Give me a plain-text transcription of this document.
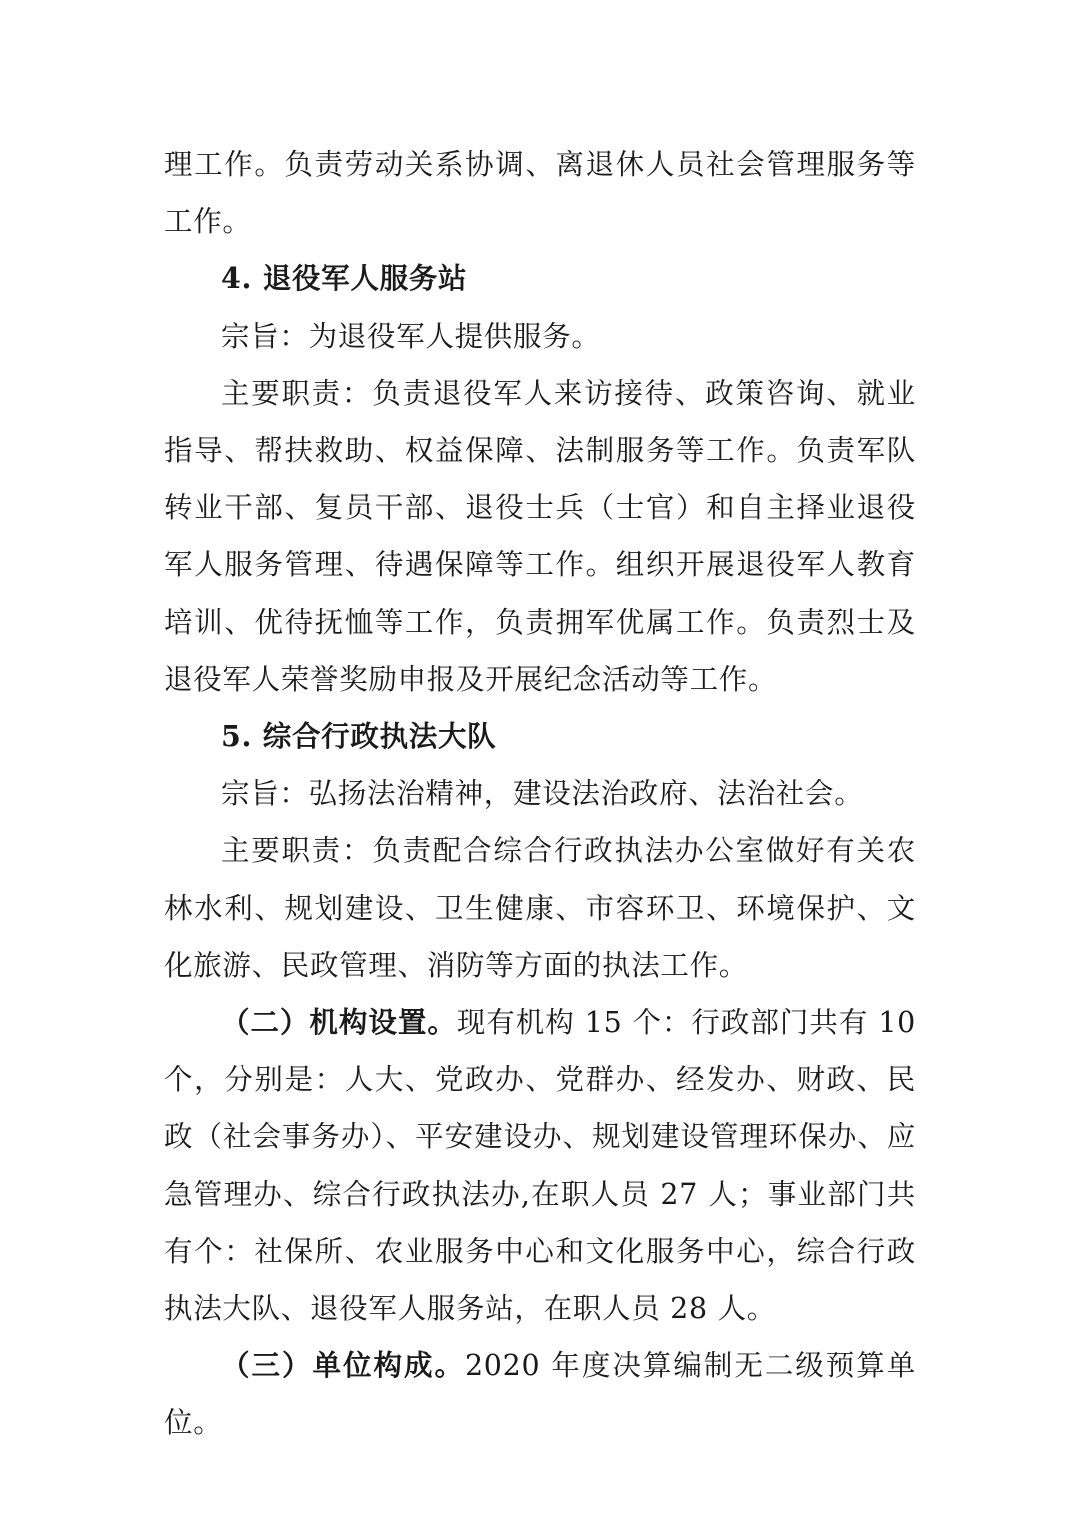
理工作。负责劳动关系协调、离退休人员社会管理服务等工作。

4. 退役军人服务站

宗旨：为退役军人提供服务。

主要职责：负责退役军人来访接待、政策咨询、就业指导、帮扶救助、权益保障、法制服务等工作。负责军队转业干部、复员干部、退役士兵（士官）和自主择业退役军人服务管理、待遇保障等工作。组织开展退役军人教育培训、优待抚恤等工作，负责拥军优属工作。负责烈士及退役军人荣誉奖励申报及开展纪念活动等工作。

5. 综合行政执法大队

宗旨：弘扬法治精神，建设法治政府、法治社会。

主要职责：负责配合综合行政执法办公室做好有关农林水利、规划建设、卫生健康、市容环卫、环境保护、文化旅游、民政管理、消防等方面的执法工作。

（二）机构设置。现有机构 15 个：行政部门共有 10 个，分别是：人大、党政办、党群办、经发办、财政、民政（社会事务办）、平安建设办、规划建设管理环保办、应急管理办、综合行政执法办,在职人员 27 人；事业部门共有个：社保所、农业服务中心和文化服务中心，综合行政执法大队、退役军人服务站，在职人员 28 人。

（三）单位构成。2020 年度决算编制无二级预算单位。
